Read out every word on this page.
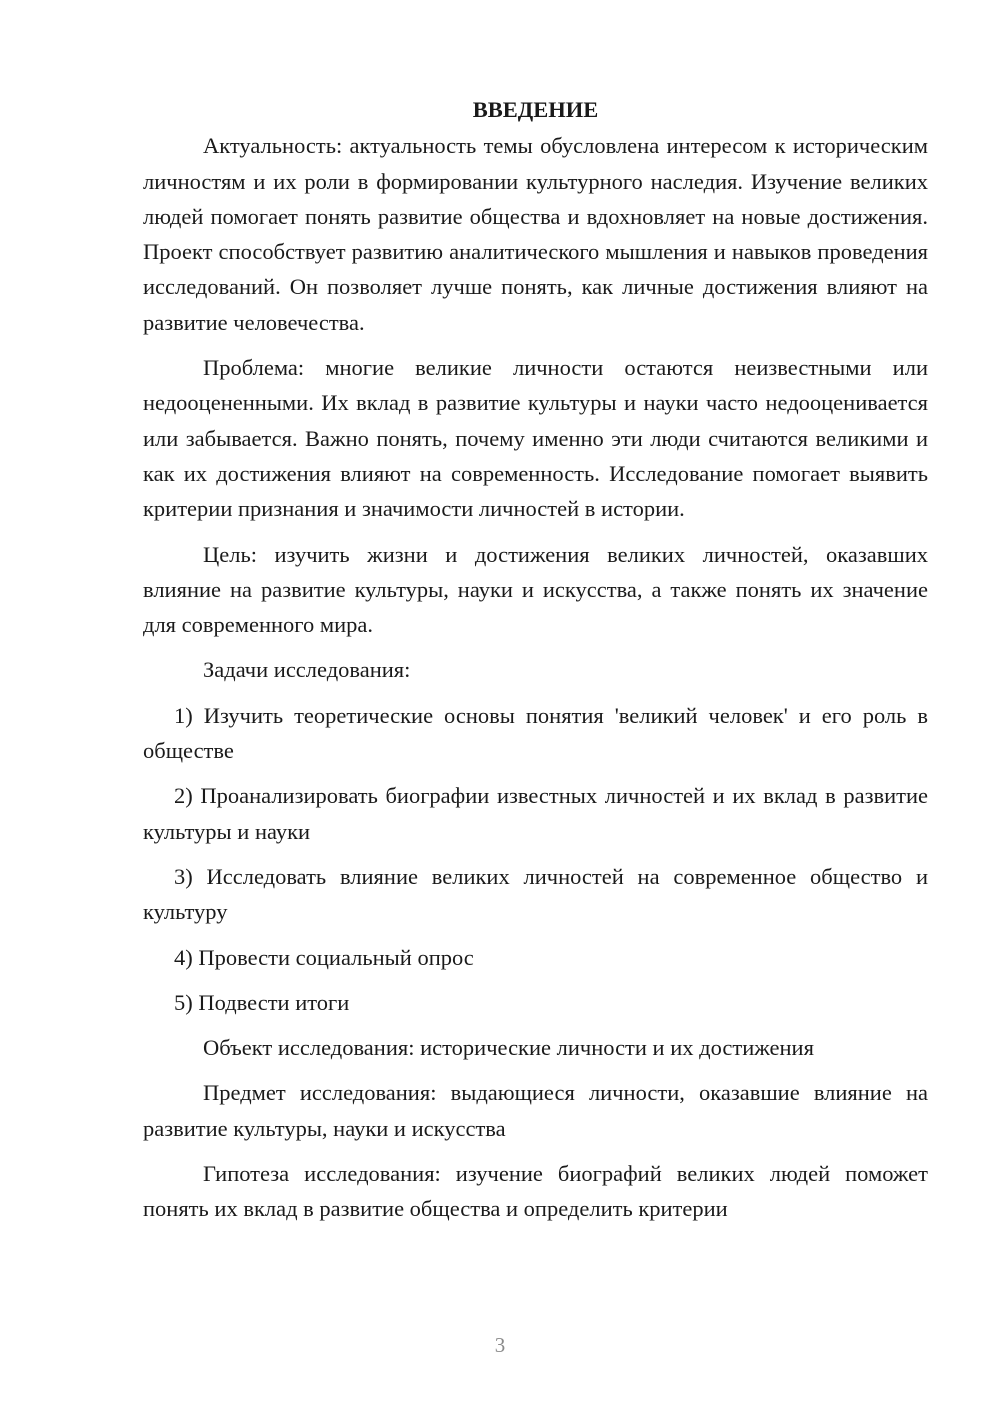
ВВЕДЕНИЕ

Актуальность: актуальность темы обусловлена интересом к историческим личностям и их роли в формировании культурного наследия. Изучение великих людей помогает понять развитие общества и вдохновляет на новые достижения. Проект способствует развитию аналитического мышления и навыков проведения исследований. Он позволяет лучше понять, как личные достижения влияют на развитие человечества.

Проблема: многие великие личности остаются неизвестными или недооцененными. Их вклад в развитие культуры и науки часто недооценивается или забывается. Важно понять, почему именно эти люди считаются великими и как их достижения влияют на современность. Исследование помогает выявить критерии признания и значимости личностей в истории.

Цель: изучить жизни и достижения великих личностей, оказавших влияние на развитие культуры, науки и искусства, а также понять их значение для современного мира.

Задачи исследования:

1) Изучить теоретические основы понятия 'великий человек' и его роль в обществе

2) Проанализировать биографии известных личностей и их вклад в развитие культуры и науки

3) Исследовать влияние великих личностей на современное общество и культуру

4) Провести социальный опрос

5) Подвести итоги

Объект исследования: исторические личности и их достижения

Предмет исследования: выдающиеся личности, оказавшие влияние на развитие культуры, науки и искусства

Гипотеза исследования: изучение биографий великих людей поможет понять их вклад в развитие общества и определить критерии

3
